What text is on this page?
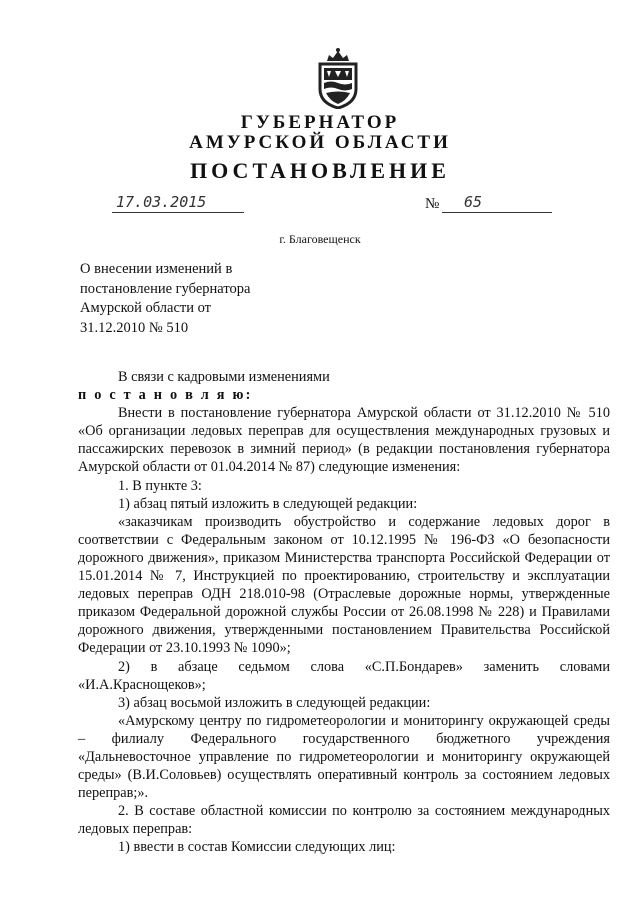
ГУБЕРНАТОР
АМУРСКОЙ ОБЛАСТИ
ПОСТАНОВЛЕНИЕ
17.03.2015	№	65
г. Благовещенск
О внесении изменений в
постановление губернатора
Амурской области от
31.12.2010 № 510

В связи с кадровыми изменениями

п о с т а н о в л я ю:

Внести в постановление губернатора Амурской области от 31.12.2010 № 510 «Об организации ледовых переправ для осуществления международных грузовых и пассажирских перевозок в зимний период» (в редакции постановления губернатора Амурской области от 01.04.2014 № 87) следующие изменения:

1. В пункте 3:

1) абзац пятый изложить в следующей редакции:

«заказчикам производить обустройство и содержание ледовых дорог в соответствии с Федеральным законом от 10.12.1995 № 196-ФЗ «О безопасности дорожного движения», приказом Министерства транспорта Российской Федерации от 15.01.2014 № 7, Инструкцией по проектированию, строительству и эксплуатации ледовых переправ ОДН 218.010-98 (Отраслевые дорожные нормы, утвержденные приказом Федеральной дорожной службы России от 26.08.1998 № 228) и Правилами дорожного движения, утвержденными постановлением Правительства Российской Федерации от 23.10.1993 № 1090»;

2) в абзаце седьмом слова «С.П.Бондарев» заменить словами «И.А.Краснощеков»;

3) абзац восьмой изложить в следующей редакции:

«Амурскому центру по гидрометеорологии и мониторингу окружающей среды – филиалу Федерального государственного бюджетного учреждения «Дальневосточное управление по гидрометеорологии и мониторингу окружающей среды» (В.И.Соловьев) осуществлять оперативный контроль за состоянием ледовых переправ;».

2. В составе областной комиссии по контролю за состоянием международных ледовых переправ:

1) ввести в состав Комиссии следующих лиц:
